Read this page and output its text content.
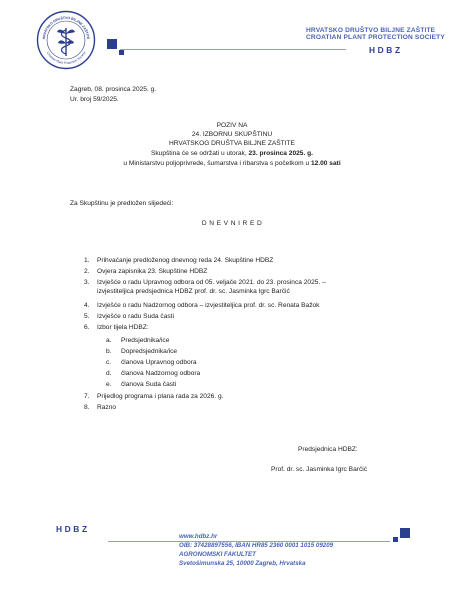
HRVATSKO DRUŠTVO BILJNE ZAŠTITE
Croatian Plant Protection Society
HRVATSKO DRUŠTVO BILJNE ZAŠTITE
CROATIAN PLANT PROTECTION SOCIETY
HDBZ
Zagreb, 08. prosinca 2025. g.
Ur. broj 59/2025.
POZIV NA
24. IZBORNU SKUPŠTINU
HRVATSKOG DRUŠTVA BILJNE ZAŠTITE
Skupština će se održati u utorak, 23. prosinca 2025. g.
u Ministarstvu poljoprivrede, šumarstva i ribarstva s početkom u 12.00 sati
Za Skupštinu je predložen slijedeći:
D N E V N I R E D
1. Prihvaćanje predloženog dnevnog reda 24. Skupštine HDBZ
2. Ovjera zapisnika 23. Skupštine HDBZ
3. Izvješće o radu Upravnog odbora od 05. veljače 2021. do 23. prosinca 2025. –
izvjestiteljica predsjednica HDBZ prof. dr. sc. Jasminka Igrc Barčić
4. Izvješće o radu Nadzornog odbora – izvjestiteljica prof. dr. sc. Renata Bažok
5. Izvješće o radu Suda časti
6. Izbor tijela HDBZ:
a. Predsjednika/ice
b. Dopredsjednika/ice
c. članova Upravnog odbora
d. članova Nadzornog odbora
e. članova Suda časti
7. Prijedlog programa i plana rada za 2026. g.
8. Razno
Predsjednica HDBZ:
Prof. dr. sc. Jasminka Igrc Barčić
HDBZ
www.hdbz.hr
OIB: 37428897556, IBAN HR85 2360 0001 1015 09209
AGRONOMSKI FAKULTET
Svetošimunska 25, 10000 Zagreb, Hrvatska
